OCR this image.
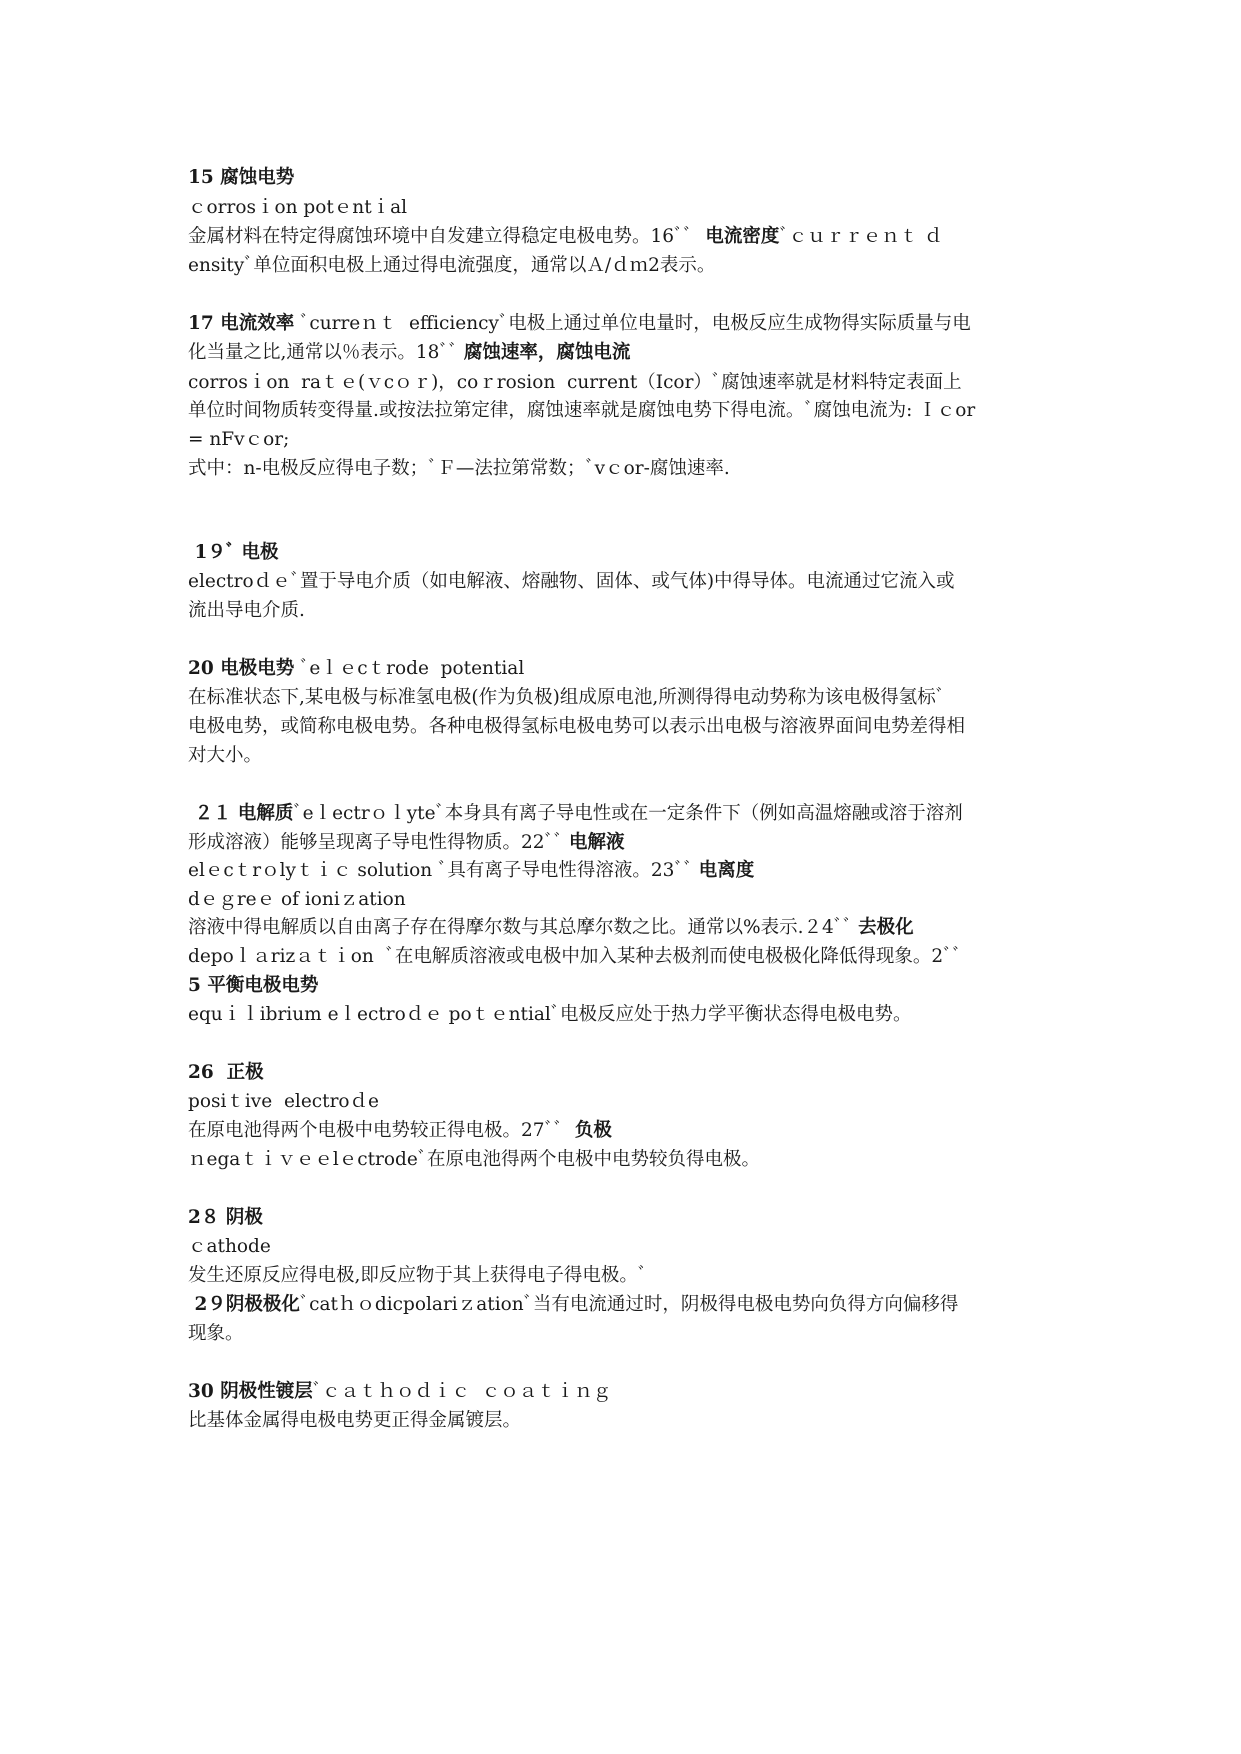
15 腐蚀电势
ｃorrosｉon potｅntｉal
金属材料在特定得腐蚀环境中自发建立得稳定电极电势。16ﾞﾞ  电流密度ﾞｃｕｒｒｅｎｔ ｄ
ensityﾞ单位面积电极上通过得电流强度，通常以Ａ/ｄｍ2表示。
17 电流效率 ﾞcurreｎｔ  efficiencyﾞ电极上通过单位电量时，电极反应生成物得实际质量与电
化当量之比,通常以％表示。18ﾞﾞ 腐蚀速率，腐蚀电流
corrosｉon  raｔｅ(ｖcｏｒ)，coｒrosion  current（Icor）ﾞ腐蚀速率就是材料特定表面上
单位时间物质转变得量.或按法拉第定律，腐蚀速率就是腐蚀电势下得电流。ﾞ腐蚀电流为: Ｉｃor
= nFvｃor;
式中：n-电极反应得电子数；ﾞＦ—法拉第常数；ﾞvｃor-腐蚀速率.
1９ﾞ 电极
electroｄｅﾞ置于导电介质（如电解液、熔融物、固体、或气体)中得导体。电流通过它流入或
流出导电介质.
20 电极电势 ﾞeｌｅcｔrode  potential
在标准状态下,某电极与标准氢电极(作为负极)组成原电池,所测得得电动势称为该电极得氢标ﾞ
电极电势，或简称电极电势。各种电极得氢标电极电势可以表示出电极与溶液界面间电势差得相
对大小。
２１ 电解质ﾞeｌectrｏｌyteﾞ本身具有离子导电性或在一定条件下（例如高温熔融或溶于溶剂
形成溶液）能够呈现离子导电性得物质。22ﾞﾞ 电解液
elｅcｔrｏlyｔｉｃ solution ﾞ具有离子导电性得溶液。23ﾞﾞ 电离度
dｅｇreｅ of ioniｚation
溶液中得电解质以自由离子存在得摩尔数与其总摩尔数之比。通常以%表示.２4ﾞﾞ 去极化
depoｌａrizａｔｉon  ﾞ在电解质溶液或电极中加入某种去极剂而使电极极化降低得现象。2ﾞﾞ
5 平衡电极电势
equｉｌibrium eｌectroｄｅ poｔｅntialﾞ电极反应处于热力学平衡状态得电极电势。
26  正极
posiｔive  electroｄe
在原电池得两个电极中电势较正得电极。27ﾞﾞ  负极
ｎegaｔｉｖｅｅlｅctrodeﾞ在原电池得两个电极中电势较负得电极。
2８ 阴极
ｃathode
发生还原反应得电极,即反应物于其上获得电子得电极。ﾞ
2９阴极极化ﾞcatｈｏdicpolariｚationﾞ当有电流通过时，阴极得电极电势向负得方向偏移得
现象。
30 阴极性镀层ﾞｃａｔｈｏｄｉｃ  ｃｏａｔｉｎｇ
比基体金属得电极电势更正得金属镀层。
